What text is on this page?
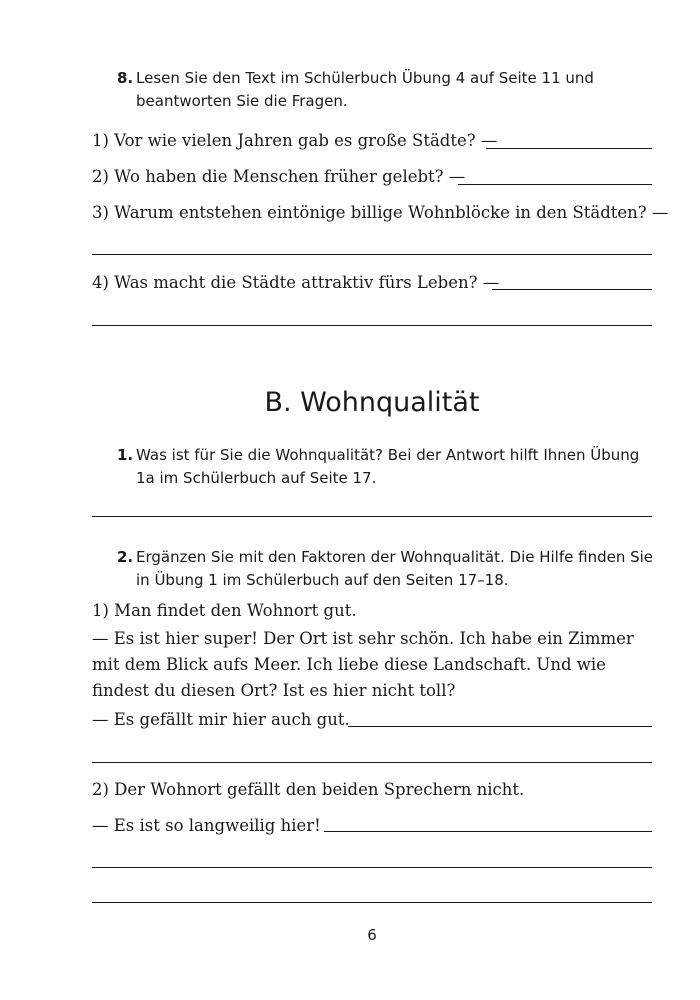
8. Lesen Sie den Text im Schülerbuch Übung 4 auf Seite 11 und beantworten Sie die Fragen.
1) Vor wie vielen Jahren gab es große Städte? —
2) Wo haben die Menschen früher gelebt? —
3) Warum entstehen eintönige billige Wohnblöcke in den Städten? —
4) Was macht die Städte attraktiv fürs Leben? —
B. Wohnqualität
1. Was ist für Sie die Wohnqualität? Bei der Antwort hilft Ihnen Übung 1a im Schülerbuch auf Seite 17.
2. Ergänzen Sie mit den Faktoren der Wohnqualität. Die Hilfe finden Sie in Übung 1 im Schülerbuch auf den Seiten 17–18.
1) Man findet den Wohnort gut.
— Es ist hier super! Der Ort ist sehr schön. Ich habe ein Zimmer mit dem Blick aufs Meer. Ich liebe diese Landschaft. Und wie findest du diesen Ort? Ist es hier nicht toll?
— Es gefällt mir hier auch gut.
2) Der Wohnort gefällt den beiden Sprechern nicht.
— Es ist so langweilig hier!
6
